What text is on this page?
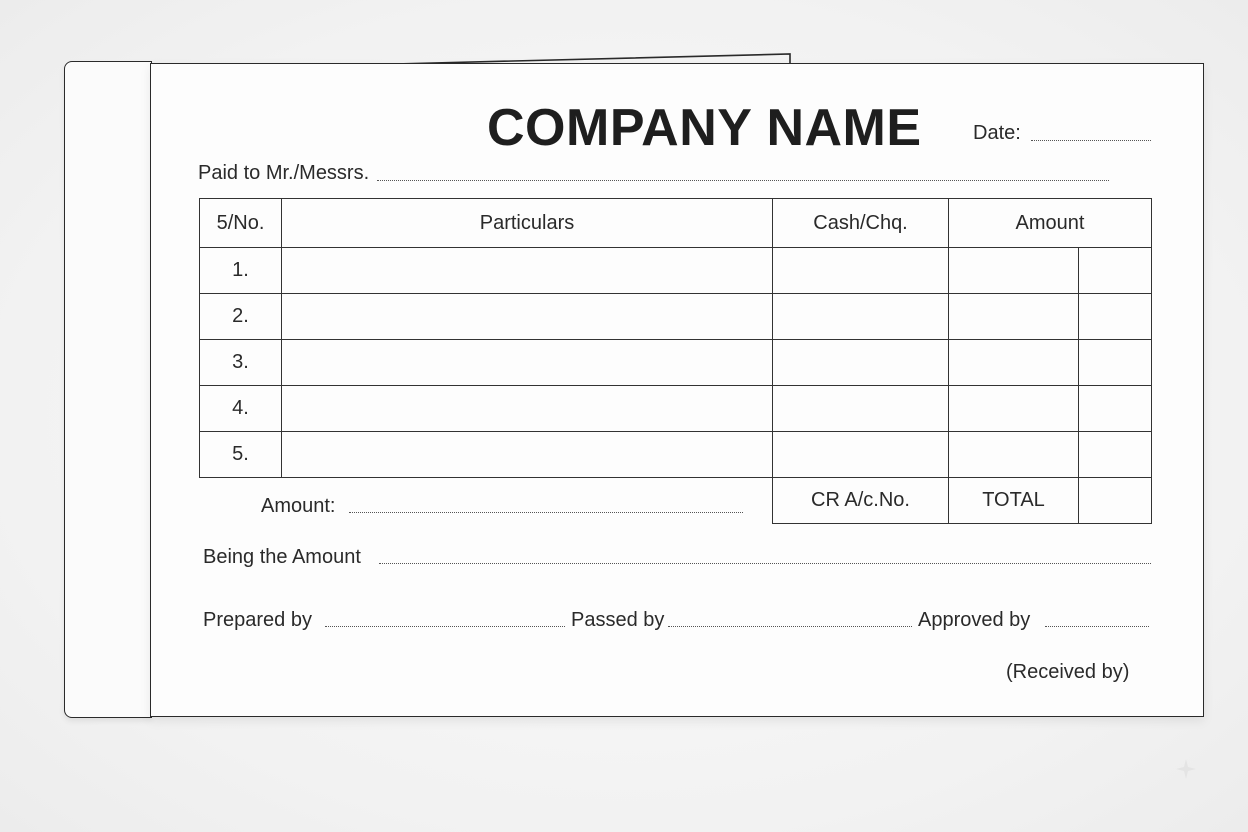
COMPANY NAME	Date:
Paid to Mr./Messrs.
5/No.	Particulars	Cash/Chq.	Amount	
1.				
2.				
3.				
4.				
5.				
		CR A/c.No.	TOTAL	
Amount:
Being the Amount
Prepared by	Passed by	Approved by
(Received by)
